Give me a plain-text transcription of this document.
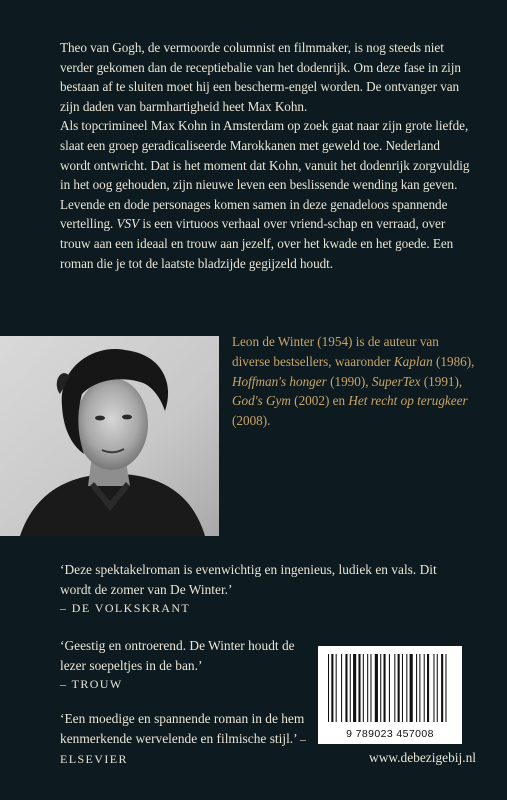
Theo van Gogh, de vermoorde columnist en filmmaker, is nog steeds niet verder gekomen dan de receptiebalie van het dodenrijk. Om deze fase in zijn bestaan af te sluiten moet hij een bescherm-engel worden. De ontvanger van zijn daden van barmhartigheid heet Max Kohn.

Als topcrimineel Max Kohn in Amsterdam op zoek gaat naar zijn grote liefde, slaat een groep geradicaliseerde Marokkanen met geweld toe. Nederland wordt ontwricht. Dat is het moment dat Kohn, vanuit het dodenrijk zorgvuldig in het oog gehouden, zijn nieuwe leven een beslissende wending kan geven.

Levende en dode personages komen samen in deze genadeloos spannende vertelling. VSV is een virtuoos verhaal over vriend-schap en verraad, over trouw aan een ideaal en trouw aan jezelf, over het kwade en het goede. Een roman die je tot de laatste bladzijde gegijzeld houdt.

Leon de Winter (1954) is de auteur van diverse bestsellers, waaronder Kaplan (1986), Hoffman's honger (1990), SuperTex (1991), God's Gym (2002) en Het recht op terugkeer (2008).

‘Deze spektakelroman is evenwichtig en ingenieus, ludiek en vals. Dit wordt de zomer van De Winter.’

– DE VOLKSKRANT

‘Geestig en ontroerend. De Winter houdt de lezer soepeltjes in de ban.’

– TROUW

‘Een moedige en spannende roman in de hem kenmerkende wervelende en filmische stijl.’ – ELSEVIER

9 789023 457008
www.debezigebij.nl
